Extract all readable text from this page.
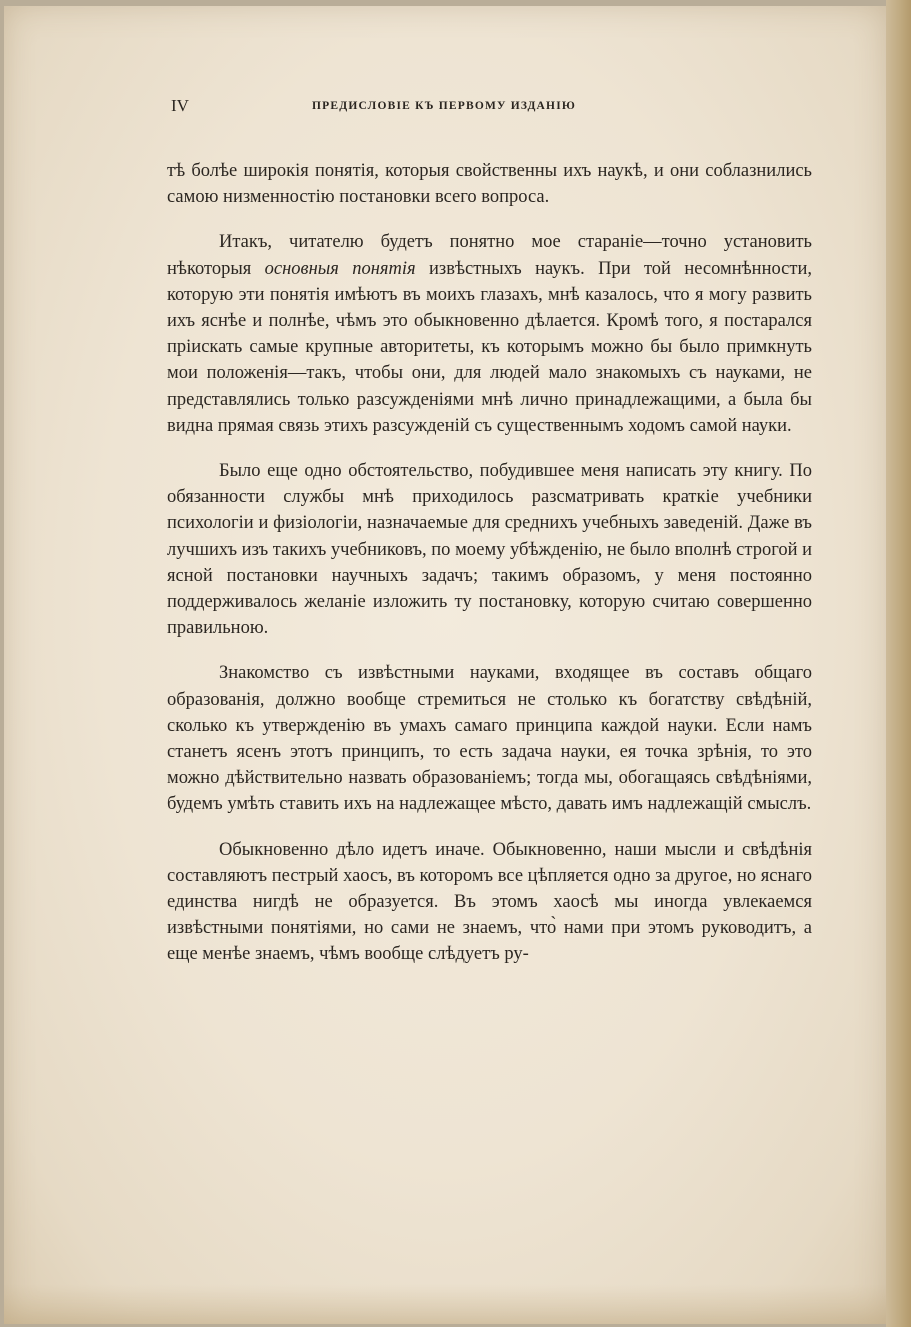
IV	ПРЕДИСЛОВІЕ КЪ ПЕРВОМУ ИЗДАНІЮ

тѣ болѣе широкія понятія, которыя свойственны ихъ наукѣ, и они соблазнились самою низменностію постановки всего вопроса.

Итакъ, читателю будетъ понятно мое стараніе—точно установить нѣкоторыя основныя понятія извѣстныхъ наукъ. При той несомнѣнности, которую эти понятія имѣютъ въ моихъ глазахъ, мнѣ казалось, что я могу развить ихъ яснѣе и полнѣе, чѣмъ это обыкновенно дѣлается. Кромѣ того, я постарался пріискать самые крупные авторитеты, къ которымъ можно бы было примкнуть мои положенія—такъ, чтобы они, для людей мало знакомыхъ съ науками, не представлялись только разсужденіями мнѣ лично принадлежащими, а была бы видна прямая связь этихъ разсужденій съ существеннымъ ходомъ самой науки.

Было еще одно обстоятельство, побудившее меня написать эту книгу. По обязанности службы мнѣ приходилось разсматривать краткіе учебники психологіи и физіологіи, назначаемые для среднихъ учебныхъ заведеній. Даже въ лучшихъ изъ такихъ учебниковъ, по моему убѣжденію, не было вполнѣ строгой и ясной постановки научныхъ задачъ; такимъ образомъ, у меня постоянно поддерживалось желаніе изложить ту постановку, которую считаю совершенно правильною.

Знакомство съ извѣстными науками, входящее въ составъ общаго образованія, должно вообще стремиться не столько къ богатству свѣдѣній, сколько къ утвержденію въ умахъ самаго принципа каждой науки. Если намъ станетъ ясенъ этотъ принципъ, то есть задача науки, ея точка зрѣнія, то это можно дѣйствительно назвать образованіемъ; тогда мы, обогащаясь свѣдѣніями, будемъ умѣть ставить ихъ на надлежащее мѣсто, давать имъ надлежащій смыслъ.

Обыкновенно дѣло идетъ иначе. Обыкновенно, наши мысли и свѣдѣнія составляютъ пестрый хаосъ, въ которомъ все цѣпляется одно за другое, но яснаго единства нигдѣ не образуется. Въ этомъ хаосѣ мы иногда увлекаемся извѣстными понятіями, но сами не знаемъ, что̀ нами при этомъ руководитъ, а еще менѣе знаемъ, чѣмъ вообще слѣдуетъ ру-
